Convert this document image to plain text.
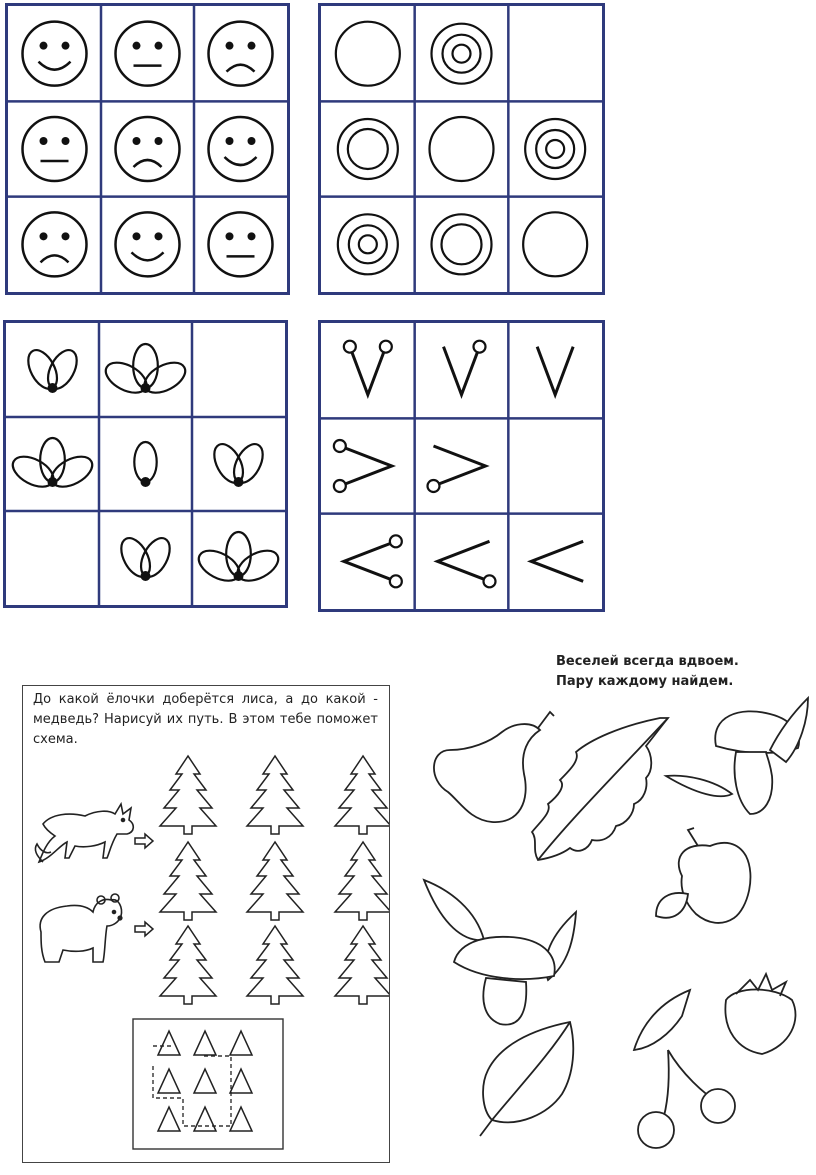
До какой ёлочки доберётся лиса, а до какой - медведь? Нарисуй их путь. В этом тебе поможет схема.
Веселей всегда вдвоем.
Пару каждому найдем.
